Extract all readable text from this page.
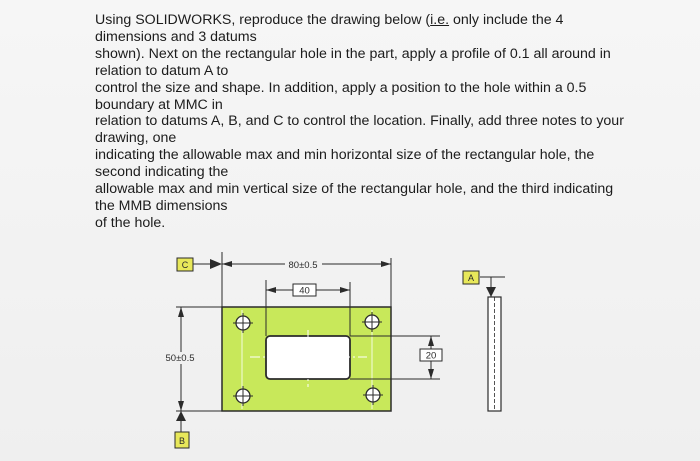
Using SOLIDWORKS, reproduce the drawing below (i.e. only include the 4
dimensions and 3 datums
shown). Next on the rectangular hole in the part, apply a profile of 0.1 all around in
relation to datum A to
control the size and shape. In addition, apply a position to the hole within a 0.5
boundary at MMC in
relation to datums A, B, and C to control the location. Finally, add three notes to your
drawing, one
indicating the allowable max and min horizontal size of the rectangular hole, the
second indicating the
allowable max and min vertical size of the rectangular hole, and the third indicating
the MMB dimensions
of the hole.
80±0.5
40
50±0.5	20
C
B
A
